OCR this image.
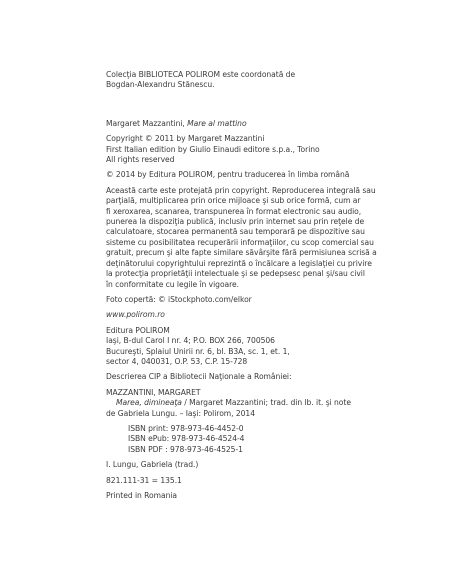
Colecţia BIBLIOTECA POLIROM este coordonată de
Bogdan-Alexandru Stănescu.
Margaret Mazzantini, Mare al mattino
Copyright © 2011 by Margaret Mazzantini
First Italian edition by Giulio Einaudi editore s.p.a., Torino
All rights reserved
© 2014 by Editura POLIROM, pentru traducerea în limba română
Această carte este protejată prin copyright. Reproducerea integrală sau
parţială, multiplicarea prin orice mijloace şi sub orice formă, cum ar
fi xeroxarea, scanarea, transpunerea în format electronic sau audio,
punerea la dispoziţia publică, inclusiv prin internet sau prin reţele de
calculatoare, stocarea permanentă sau temporară pe dispozitive sau
sisteme cu posibilitatea recuperării informaţiilor, cu scop comercial sau
gratuit, precum şi alte fapte similare săvârşite fără permisiunea scrisă a
deţinătorului copyrightului reprezintă o încălcare a legislaţiei cu privire
la protecţia proprietăţii intelectuale şi se pedepsesc penal şi/sau civil
în conformitate cu legile în vigoare.
Foto copertă: © iStockphoto.com/elkor
www.polirom.ro
Editura POLIROM
Iaşi, B-dul Carol I nr. 4; P.O. BOX 266, 700506
Bucureşti, Splaiul Unirii nr. 6, bl. B3A, sc. 1, et. 1,
sector 4, 040031, O.P. 53, C.P. 15-728
Descrierea CIP a Bibliotecii Naţionale a României:
MAZZANTINI, MARGARET
Marea, dimineaţa / Margaret Mazzantini; trad. din lb. it. şi note
de Gabriela Lungu. – Iaşi: Polirom, 2014
ISBN print: 978-973-46-4452-0
ISBN ePub: 978-973-46-4524-4
ISBN PDF : 978-973-46-4525-1
I. Lungu, Gabriela (trad.)
821.111-31 = 135.1
Printed in Romania
